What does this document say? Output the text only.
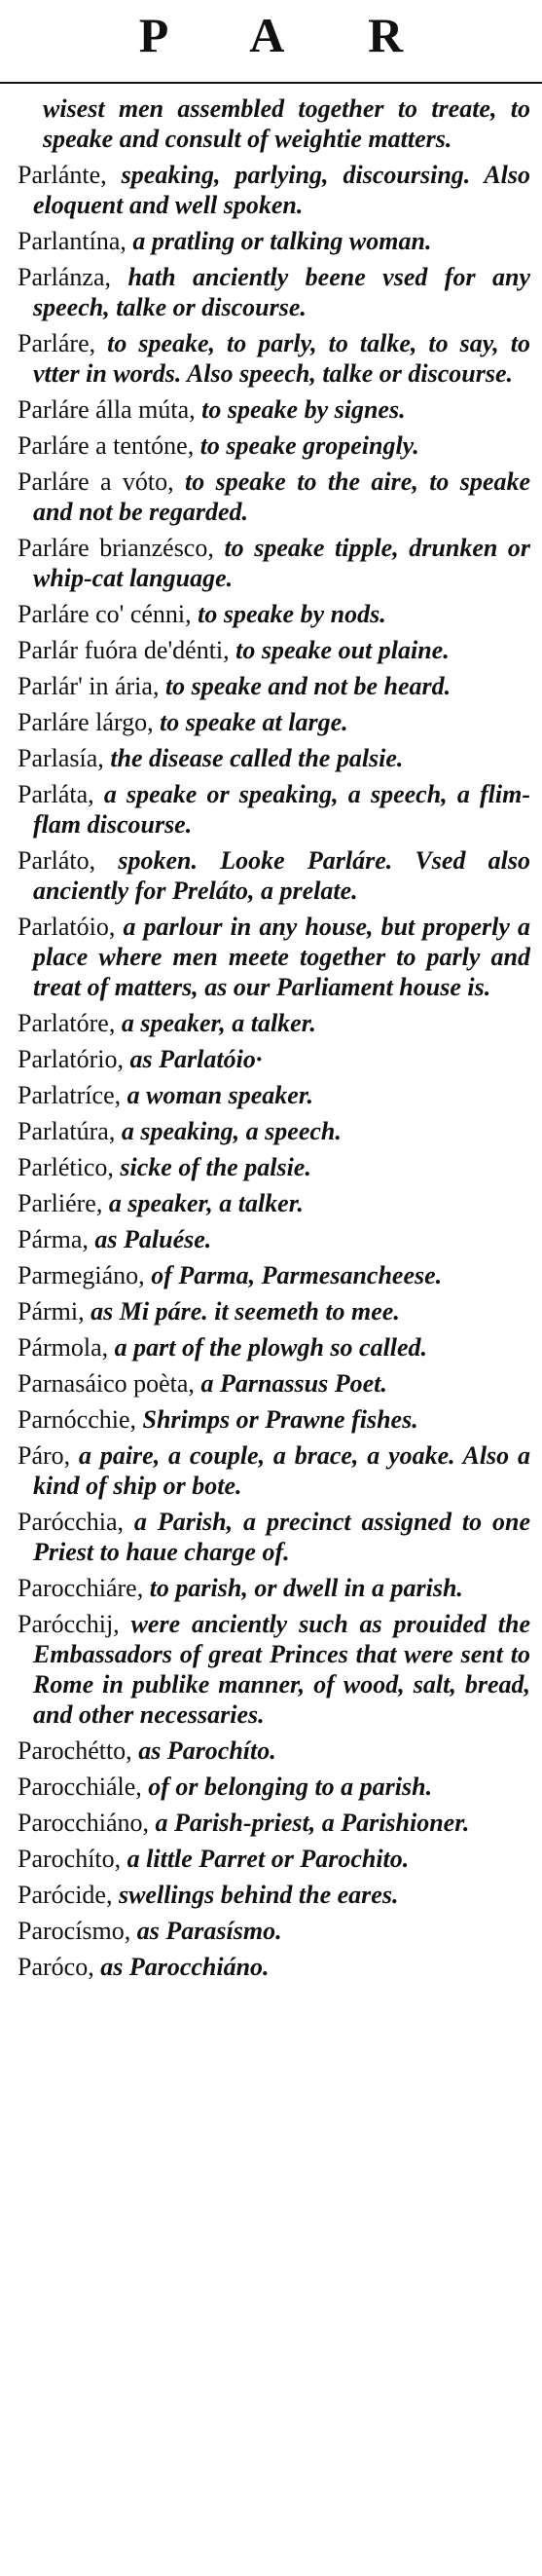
P A R
wisest men assembled together to treate, to speake and consult of weightie matters.
Parlánte, speaking, parlying, discoursing. Also eloquent and well spoken.
Parlantína, a pratling or talking woman.
Parlánza, hath anciently beene vsed for any speech, talke or discourse.
Parláre, to speake, to parly, to talke, to say, to vtter in words. Also speech, talke or discourse.
Parláre álla múta, to speake by signes.
Parláre a tentóne, to speake gropeingly.
Parláre a vóto, to speake to the aire, to speake and not be regarded.
Parláre brianzésco, to speake tipple, drunken or whip-cat language.
Parláre co' cénni, to speake by nods.
Parlár fuóra de'dénti, to speake out plaine.
Parlár' in ária, to speake and not be heard.
Parláre lárgo, to speake at large.
Parlasía, the disease called the palsie.
Parláta, a speake or speaking, a speech, a flim-flam discourse.
Parláto, spoken. Looke Parláre. Vsed also anciently for Preláto, a prelate.
Parlatóio, a parlour in any house, but properly a place where men meete together to parly and treat of matters, as our Parliament house is.
Parlatóre, a speaker, a talker.
Parlatório, as Parlatóio·
Parlatríce, a woman speaker.
Parlatúra, a speaking, a speech.
Parlético, sicke of the palsie.
Parliére, a speaker, a talker.
Párma, as Paluése.
Parmegiáno, of Parma, Parmesancheese.
Pármi, as Mi páre. it seemeth to mee.
Pármola, a part of the plowgh so called.
Parnasáico poèta, a Parnassus Poet.
Parnócchie, Shrimps or Prawne fishes.
Páro, a paire, a couple, a brace, a yoake. Also a kind of ship or bote.
Paróсchia, a Parish, a precinct assigned to one Priest to haue charge of.
Parocchiáre, to parish, or dwell in a parish.
Parócchij, were anciently such as prouided the Embassadors of great Princes that were sent to Rome in publike manner, of wood, salt, bread, and other necessaries.
Parochétto, as Parochíto.
Parocchiále, of or belonging to a parish.
Parocchiáno, a Parish-priest, a Parishioner.
Parochíto, a little Parret or Parochito.
Parócide, swellings behind the eares.
Parocísmo, as Parasísmo.
Paróco, as Parocchiáno.
